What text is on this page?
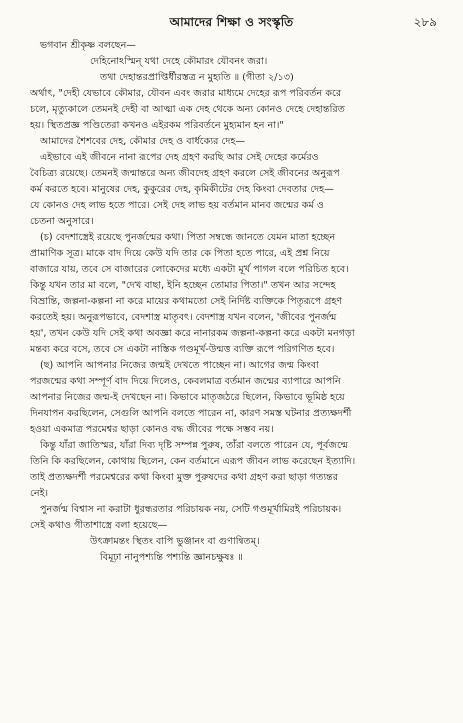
আমাদের শিক্ষা ও সংস্কৃতি	২৮৯
ভগবান শ্রীকৃষ্ণ বলছেন—
দেহিনোঽস্মিন্ যথা দেহে কৌমারং যৌবনং জরা।
তথা দেহান্তরপ্রাপ্তির্ধীরস্তত্র ন মুহ্যতি ॥ (গীতা ২/১৩)
অর্থাৎ, "দেহী যেভাবে কৌমার, যৌবন এবং জরার মাধ্যমে দেহের রূপ পরিবর্তন করে
চলে, মৃত্যুকালে তেমনই দেহী বা আত্মা এক দেহ থেকে অন্য কোনও দেহে দেহান্তরিত
হয়। স্থিতপ্রজ্ঞ পণ্ডিতেরা কখনও এইরকম পরিবর্তনে মুহ্যমান হন না।"
আমাদের শৈশবের দেহ, কৌমার দেহ ও বার্ধক্যের দেহ—
এইভাবে এই জীবনে নানা রূপের দেহ গ্রহণ করছি আর সেই দেহের কর্মেরও
বৈচিত্র্য রয়েছে। তেমনই জন্মান্তরে অন্য জীবদেহ গ্রহণ করলে সেই জীবনের অনুরূপ
কর্ম করতে হবে। মানুষের দেহ, কুকুরের দেহ, কৃমিকীটের দেহ কিংবা দেবতার দেহ—
যে কোনও দেহ লাভ হতে পারে। সেই দেহ লাভ হয় বর্তমান মানব জন্মের কর্ম ও
চেতনা অনুসারে।
(চ) বেদশাস্ত্রেই রয়েছে পুনর্জন্মের কথা। পিতা সম্বন্ধে জানতে যেমন মাতা হচ্ছেন
প্রামাণিক সূত্র। মাকে বাদ দিয়ে কেউ যদি তার কে পিতা হতে পারে, এই প্রশ্ন নিয়ে
বাজারে যায়, তবে সে বাজারের লোকেদের মধ্যে একটা মূর্খ পাগল বলে পরিচিত হবে।
কিন্তু যখন তার মা বলে, "দেখ বাছা, ইনি হচ্ছেন তোমার পিতা।" তখন আর সন্দেহ
বিভ্রান্তি, জল্পনা-কল্পনা না করে মায়ের কথামতো সেই নির্দিষ্ট ব্যক্তিকে পিতৃরূপে গ্রহণ
করতেই হয়। অনুরূপভাবে, বেদশাস্ত্র মাতৃবৎ। বেদশাস্ত্র যখন বলেন, 'জীবের পুনর্জন্ম
হয়', তখন কেউ যদি সেই কথা অবজ্ঞা করে নানারকম জল্পনা-কল্পনা করে একটা মনগড়া
মন্তব্য করে বসে, তবে সে একটা নাস্তিক গণ্ডমূর্খ-উন্মত্ত ব্যক্তি রূপে পরিগণিত হবে।
(ছ) আপনি আপনার নিজের জন্মই দেখতে পাচ্ছেন না। আগের জন্ম কিংবা
পরজন্মের কথা সম্পূর্ণ বাদ দিয়ে দিলেও, কেবলমাত্র বর্তমান জন্মের ব্যাপারে আপনি
আপনার নিজের জন্ম-ই দেখছেন না। কিভাবে মাতৃজঠরে ছিলেন, কিভাবে ভূমিষ্ঠ হয়ে
দিনযাপন করছিলেন, সেগুলি আপনি বলতে পারেন না, কারণ সমস্ত ঘটনার প্রত্যক্ষদর্শী
হওয়া একমাত্র পরমেশ্বর ছাড়া কোনও বদ্ধ জীবের পক্ষে সম্ভব নয়।
কিন্তু যাঁরা জাতিস্মর, যাঁরা দিব্য দৃষ্টি সম্পন্ন পুরুষ, তাঁরা বলতে পারেন যে, পূর্বজন্মে
তিনি কি করছিলেন, কোথায় ছিলেন, কেন বর্তমানে এরূপ জীবন লাভ করেছেন ইত্যাদি।
তাই প্রত্যক্ষদর্শী পরমেশ্বরের কথা কিংবা মুক্ত পুরুষদের কথা গ্রহণ করা ছাড়া গত্যন্তর
নেই।
পুনর্জন্ম বিশ্বাস না করাটা ধুরন্ধরতার পরিচায়ক নয়, সেটি গণ্ডমূর্খামিরই পরিচায়ক।
সেই কথাও গীতাশাস্ত্রে বলা হয়েছে—
উৎক্রামন্তং স্থিতং বাপি ভুঞ্জানং বা গুণান্বিতম্।
বিমূঢ়া নানুপশ্যন্তি পশ্যন্তি জ্ঞানচক্ষুষঃ ॥
